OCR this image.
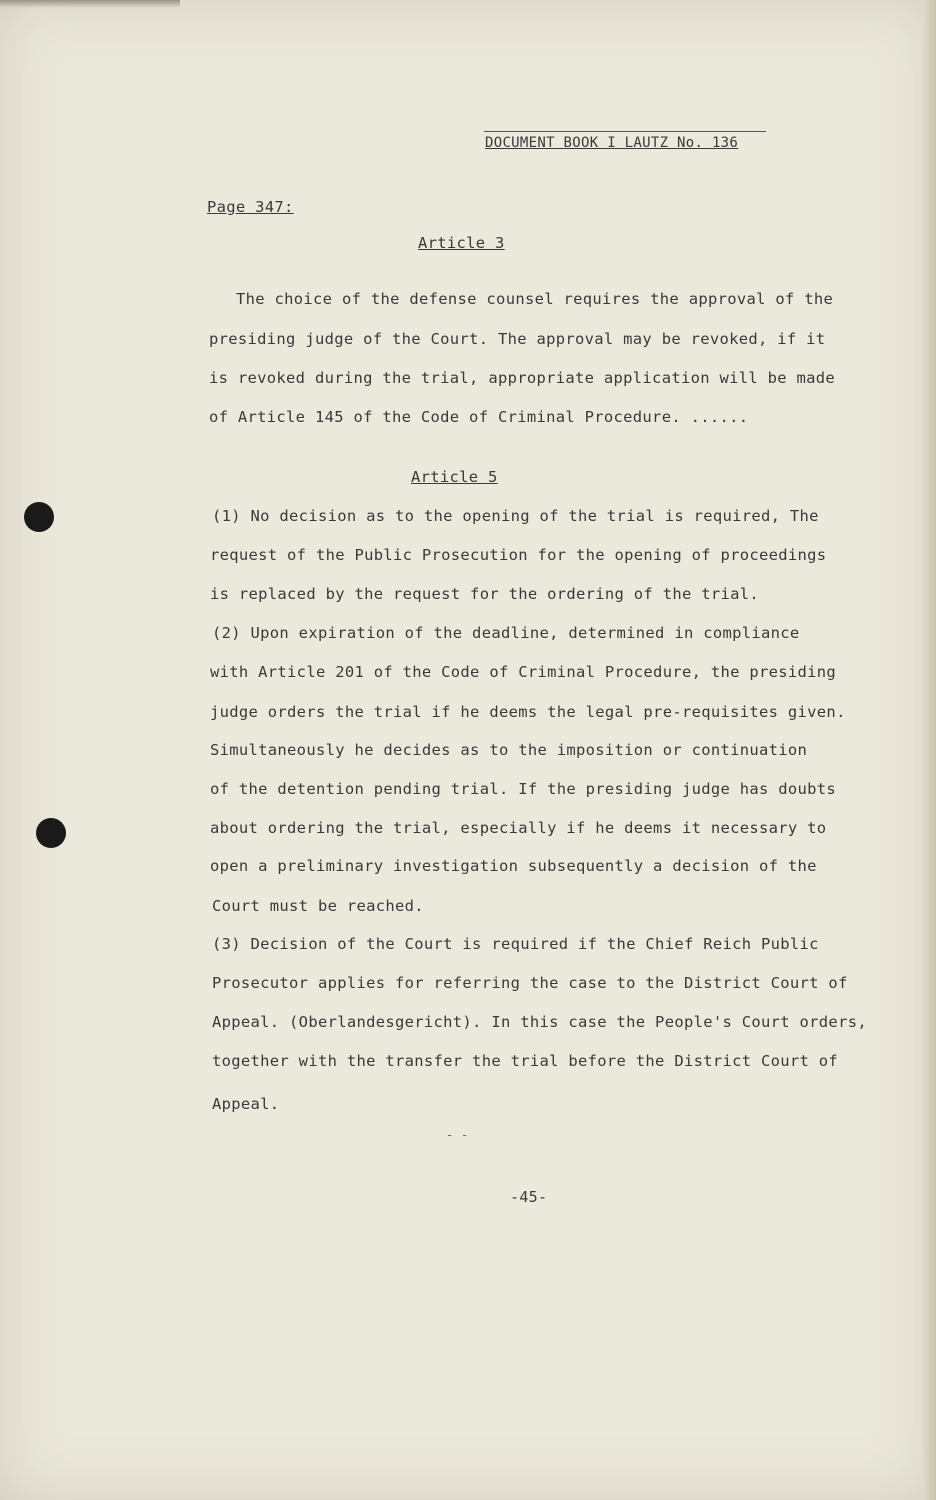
DOCUMENT BOOK I LAUTZ No. 136
Page 347:
Article 3
The choice of the defense counsel requires the approval of the
presiding judge of the Court. The approval may be revoked, if it
is revoked during the trial, appropriate application will be made
of Article 145 of the Code of Criminal Procedure. ......
Article 5
(1) No decision as to the opening of the trial is required, The
request of the Public Prosecution for the opening of proceedings
is replaced by the request for the ordering of the trial.
(2) Upon expiration of the deadline, determined in compliance
with Article 201 of the Code of Criminal Procedure, the presiding
judge orders the trial if he deems the legal pre-requisites given.
Simultaneously he decides as to the imposition or continuation
of the detention pending trial. If the presiding judge has doubts
about ordering the trial, especially if he deems it necessary to
open a preliminary investigation subsequently a decision of the
Court must be reached.
(3) Decision of the Court is required if the Chief Reich Public
Prosecutor applies for referring the case to the District Court of
Appeal. (Oberlandesgericht). In this case the People's Court orders,
together with the transfer the trial before the District Court of
Appeal.
- -
-45-
